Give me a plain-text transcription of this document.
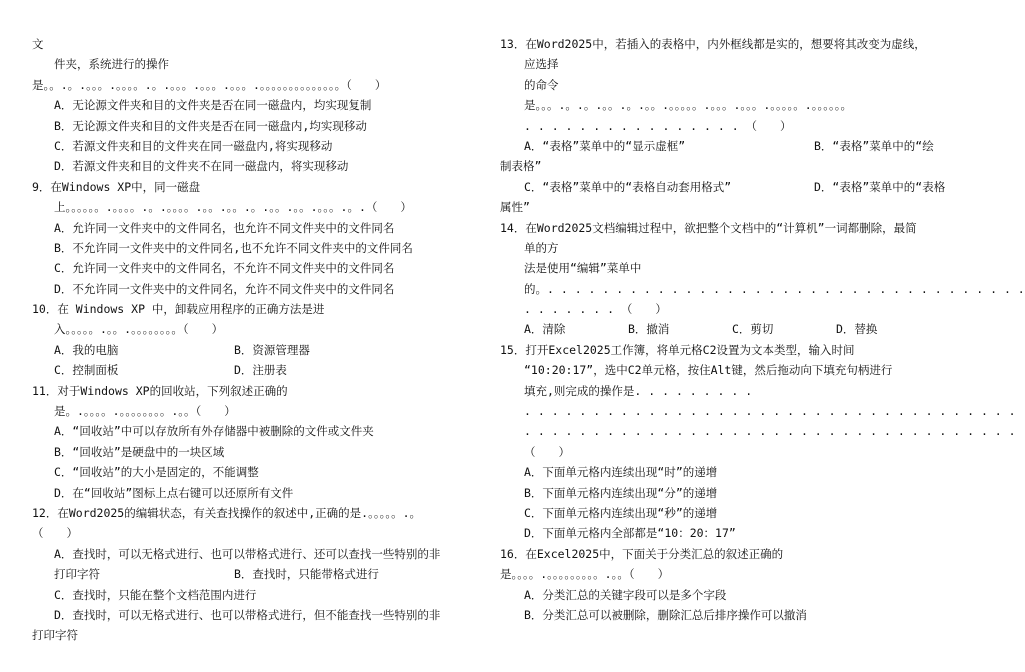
文
件夹，系统进行的操作
是。。.。.。。。.。。。。.。.。。。.。。。.。。。.。。。。。。。。。。。。。。（　　）
A．无论源文件夹和目的文件夹是否在同一磁盘内，均实现复制
B．无论源文件夹和目的文件夹是否在同一磁盘内,均实现移动
C．若源文件夹和目的文件夹在同一磁盘内,将实现移动
D．若源文件夹和目的文件夹不在同一磁盘内，将实现移动
9．在Windows XP中，同一磁盘
上。。。。。。.。。。。.。.。。。。.。。.。。.。.。。.。。.。。。.。.（　　）
A．允许同一文件夹中的文件同名，也允许不同文件夹中的文件同名
B．不允许同一文件夹中的文件同名,也不允许不同文件夹中的文件同名
C．允许同一文件夹中的文件同名，不允许不同文件夹中的文件同名
D．不允许同一文件夹中的文件同名，允许不同文件夹中的文件同名
10．在 Windows XP 中，卸载应用程序的正确方法是进
入。。。。。.。。.。。。。。。。。（　　）
A．我的电脑	B．资源管理器
C．控制面板	D．注册表
11．对于Windows XP的回收站，下列叙述正确的
是。.。。。。.。。。。。。。。.。。（　　）
A．“回收站”中可以存放所有外存储器中被删除的文件或文件夹
B．“回收站”是硬盘中的一块区域
C．“回收站”的大小是固定的，不能调整
D．在“回收站”图标上点右键可以还原所有文件
12．在Word2025的编辑状态，有关查找操作的叙述中,正确的是.。。。。。.。
（　　）
A．查找时，可以无格式进行、也可以带格式进行、还可以查找一些特别的非
打印字符	B．查找时，只能带格式进行
C．查找时，只能在整个文档范围内进行
D．查找时，可以无格式进行、也可以带格式进行，但不能查找一些特别的非
打印字符
13．在Word2025中，若插入的表格中，内外框线都是实的，想要将其改变为虚线，
应选择
的命令
是。。。.。.。.。。.。.。。.。。。。。.。。。.。。。.。。。。。.。。。。。。
. . . . . . . . . . . . . . . . （　　）
A．“表格”菜单中的“显示虚框”	B．“表格”菜单中的“绘
制表格”
C．“表格”菜单中的“表格自动套用格式”	D．“表格”菜单中的“表格
属性”
14．在Word2025文档编辑过程中，欲把整个文档中的“计算机”一词都删除，最简
单的方
法是使用“编辑”菜单中
的。. . . . . . . . . . . . . . . . . . . . . . . . . . . . . . . . . . .
. . . . . . . （　　）
A．清除	B．撤消	C．剪切	D．替换
15．打开Excel2025工作簿，将单元格C2设置为文本类型，输入时间
“10:20:17”，选中C2单元格，按住Alt键，然后拖动向下填充句柄进行
填充,则完成的操作是. . . . . . . . .
. . . . . . . . . . . . . . . . . . . . . . . . . . . . . . . . . . . .
. . . . . . . . . . . . . . . . . . . . . . . . . . . . . . . . . . . .
（　　）
A．下面单元格内连续出现“时”的递增
B．下面单元格内连续出现“分”的递增
C．下面单元格内连续出现“秒”的递增
D．下面单元格内全部都是“10：20：17”
16．在Excel2025中，下面关于分类汇总的叙述正确的
是。。。。.。。。。。。。。。.。。（　　）
A．分类汇总的关键字段可以是多个字段
B．分类汇总可以被删除，删除汇总后排序操作可以撤消
